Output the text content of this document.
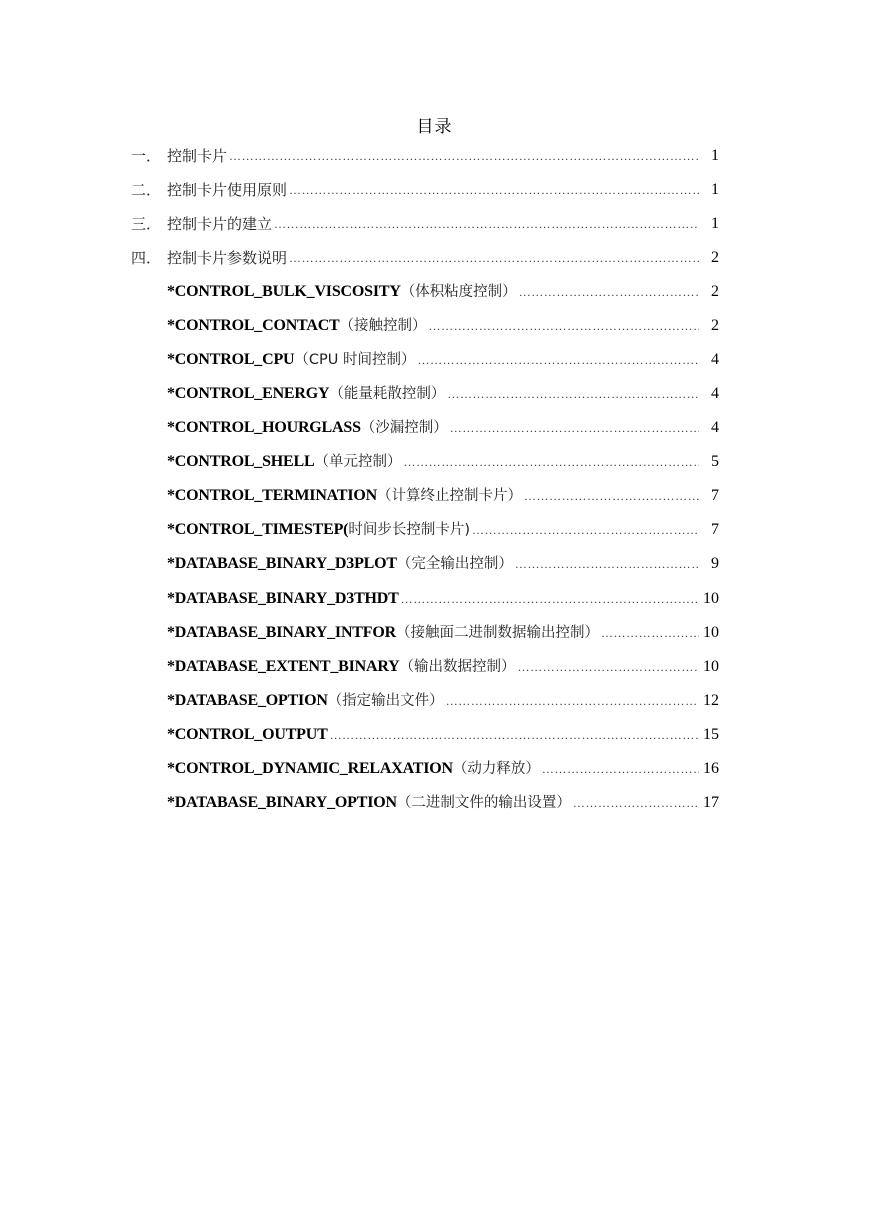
目录
一． 控制卡片 …………………………………………………………………………………………………………………………………………………………………………………………………………	1
二． 控制卡片使用原则 …………………………………………………………………………………………………………………………………………………………………………………………………………	1
三． 控制卡片的建立 …………………………………………………………………………………………………………………………………………………………………………………………………………	1
四． 控制卡片参数说明 …………………………………………………………………………………………………………………………………………………………………………………………………………	2
*CONTROL_BULK_VISCOSITY （体积粘度控制） …………………………………………………………………………………………………………………………………………………………………………………………………………	2
*CONTROL_CONTACT （接触控制） …………………………………………………………………………………………………………………………………………………………………………………………………………	2
*CONTROL_CPU （CPU 时间控制） …………………………………………………………………………………………………………………………………………………………………………………………………………	4
*CONTROL_ENERGY （能量耗散控制） …………………………………………………………………………………………………………………………………………………………………………………………………………	4
*CONTROL_HOURGLASS （沙漏控制） …………………………………………………………………………………………………………………………………………………………………………………………………………	4
*CONTROL_SHELL （单元控制） …………………………………………………………………………………………………………………………………………………………………………………………………………	5
*CONTROL_TERMINATION （计算终止控制卡片） …………………………………………………………………………………………………………………………………………………………………………………………………………	7
*CONTROL_TIMESTEP( 时间步长控制卡片) …………………………………………………………………………………………………………………………………………………………………………………………………………	7
*DATABASE_BINARY_D3PLOT （完全输出控制） …………………………………………………………………………………………………………………………………………………………………………………………………………	9
*DATABASE_BINARY_D3THDT …………………………………………………………………………………………………………………………………………………………………………………………………………	10
*DATABASE_BINARY_INTFOR （接触面二进制数据输出控制） …………………………………………………………………………………………………………………………………………………………………………………………………………	10
*DATABASE_EXTENT_BINARY （输出数据控制） …………………………………………………………………………………………………………………………………………………………………………………………………………	10
*DATABASE_OPTION （指定输出文件） …………………………………………………………………………………………………………………………………………………………………………………………………………	12
*CONTROL_OUTPUT …………………………………………………………………………………………………………………………………………………………………………………………………………	15
*CONTROL_DYNAMIC_RELAXATION （动力释放） …………………………………………………………………………………………………………………………………………………………………………………………………………	16
*DATABASE_BINARY_OPTION （二进制文件的输出设置） …………………………………………………………………………………………………………………………………………………………………………………………………………	17
